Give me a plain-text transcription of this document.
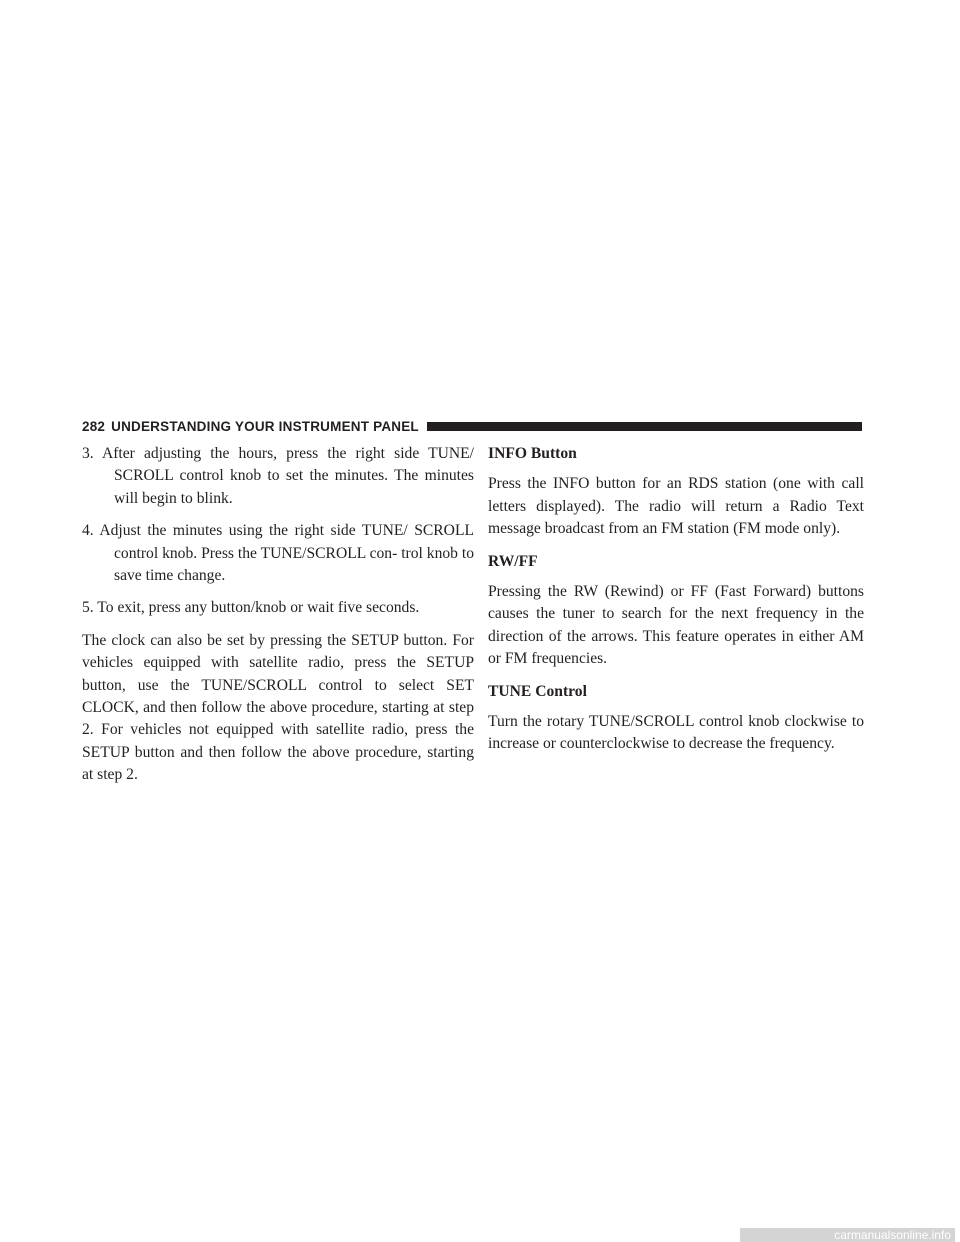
282 UNDERSTANDING YOUR INSTRUMENT PANEL

3. After adjusting the hours, press the right side TUNE/ SCROLL control knob to set the minutes. The minutes will begin to blink.

4. Adjust the minutes using the right side TUNE/ SCROLL control knob. Press the TUNE/SCROLL con- trol knob to save time change.

5. To exit, press any button/knob or wait five seconds.

The clock can also be set by pressing the SETUP button. For vehicles equipped with satellite radio, press the SETUP button, use the TUNE/SCROLL control to select SET CLOCK, and then follow the above procedure, starting at step 2. For vehicles not equipped with satellite radio, press the SETUP button and then follow the above procedure, starting at step 2.

INFO Button

Press the INFO button for an RDS station (one with call letters displayed). The radio will return a Radio Text message broadcast from an FM station (FM mode only).

RW/FF

Pressing the RW (Rewind) or FF (Fast Forward) buttons causes the tuner to search for the next frequency in the direction of the arrows. This feature operates in either AM or FM frequencies.

TUNE Control

Turn the rotary TUNE/SCROLL control knob clockwise to increase or counterclockwise to decrease the frequency.

carmanualsonline.info
